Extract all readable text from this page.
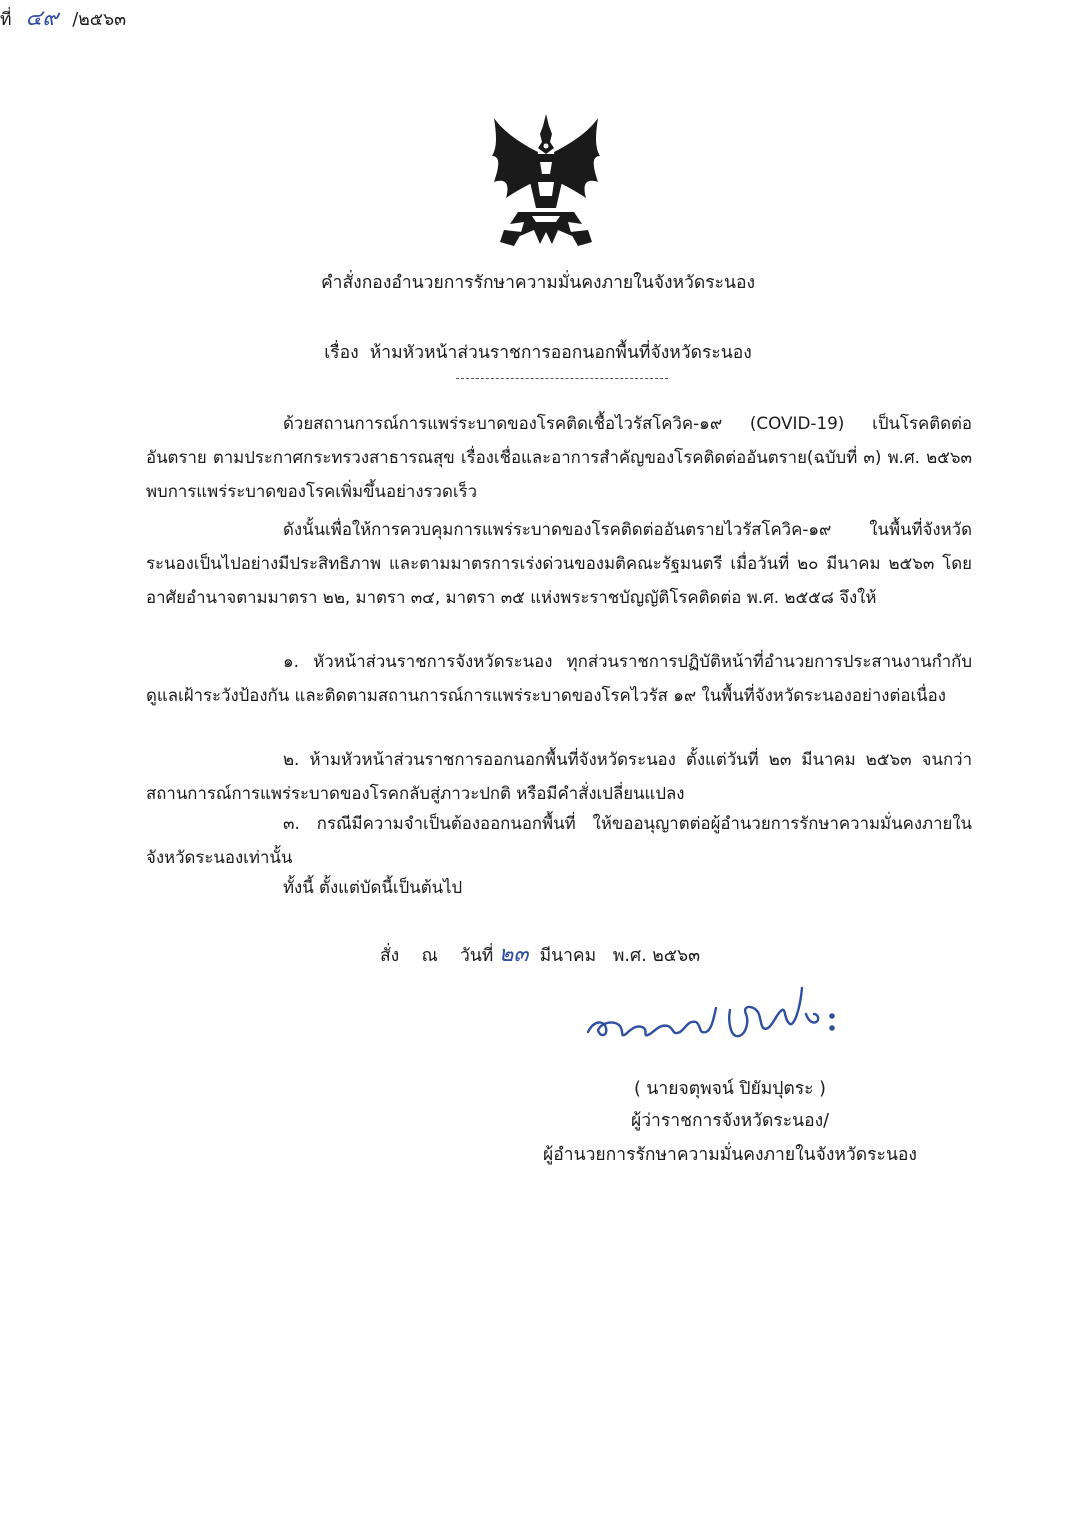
คำสั่งกองอำนวยการรักษาความมั่นคงภายในจังหวัดระนอง
ที่ ๔๙ /๒๕๖๓
เรื่อง ห้ามหัวหน้าส่วนราชการออกนอกพื้นที่จังหวัดระนอง

ด้วยสถานการณ์การแพร่ระบาดของโรคติดเชื้อไวรัสโควิค-๑๙ (COVID-19) เป็นโรคติดต่ออันตราย ตามประกาศกระทรวงสาธารณสุข เรื่องเชื่อและอาการสำคัญของโรคติดต่ออันตราย(ฉบับที่ ๓) พ.ศ. ๒๕๖๓ พบการแพร่ระบาดของโรคเพิ่มขึ้นอย่างรวดเร็ว

ดังนั้นเพื่อให้การควบคุมการแพร่ระบาดของโรคติดต่ออันตรายไวรัสโควิค-๑๙ ในพื้นที่จังหวัดระนองเป็นไปอย่างมีประสิทธิภาพ และตามมาตรการเร่งด่วนของมติคณะรัฐมนตรี เมื่อวันที่ ๒๐ มีนาคม ๒๕๖๓ โดยอาศัยอำนาจตามมาตรา ๒๒, มาตรา ๓๔, มาตรา ๓๕ แห่งพระราชบัญญัติโรคติดต่อ พ.ศ. ๒๕๕๘ จึงให้

๑. หัวหน้าส่วนราชการจังหวัดระนอง ทุกส่วนราชการปฏิบัติหน้าที่อำนวยการประสานงานกำกับดูแลเฝ้าระวังป้องกัน และติดตามสถานการณ์การแพร่ระบาดของโรคไวรัส ๑๙ ในพื้นที่จังหวัดระนองอย่างต่อเนื่อง

๒. ห้ามหัวหน้าส่วนราชการออกนอกพื้นที่จังหวัดระนอง ตั้งแต่วันที่ ๒๓ มีนาคม ๒๕๖๓ จนกว่าสถานการณ์การแพร่ระบาดของโรคกลับสู่ภาวะปกติ หรือมีคำสั่งเปลี่ยนแปลง

๓. กรณีมีความจำเป็นต้องออกนอกพื้นที่ ให้ขออนุญาตต่อผู้อำนวยการรักษาความมั่นคงภายในจังหวัดระนองเท่านั้น

ทั้งนี้ ตั้งแต่บัดนี้เป็นต้นไป

สั่ง ณ วันที่ ๒๓ มีนาคม พ.ศ. ๒๕๖๓
( นายจตุพจน์ ปิยัมปุตระ )
ผู้ว่าราชการจังหวัดระนอง/
ผู้อำนวยการรักษาความมั่นคงภายในจังหวัดระนอง
